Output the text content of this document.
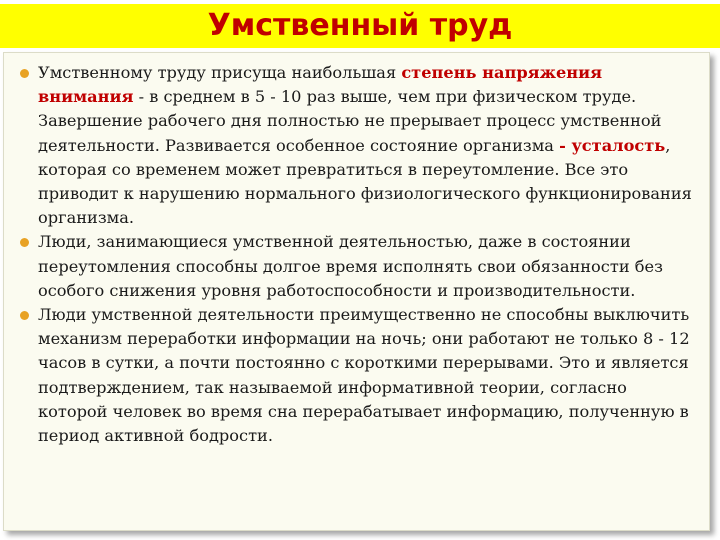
Умственный труд
Умственному труду присуща наибольшая степень напряжения внимания - в среднем в 5 - 10 раз выше, чем при физическом труде. Завершение рабочего дня полностью не прерывает процесс умственной деятельности. Развивается особенное состояние организма - усталость, которая со временем может превратиться в переутомление. Все это приводит к нарушению нормального физиологического функционирования организма.
Люди, занимающиеся умственной деятельностью, даже в состоянии переутомления способны долгое время исполнять свои обязанности без особого снижения уровня работоспособности и производительности.
Люди умственной деятельности преимущественно не способны выключить механизм переработки информации на ночь; они работают не только 8 - 12 часов в сутки, а почти постоянно с короткими перерывами. Это и является подтверждением, так называемой информативной теории, согласно которой человек во время сна перерабатывает информацию, полученную в период активной бодрости.
